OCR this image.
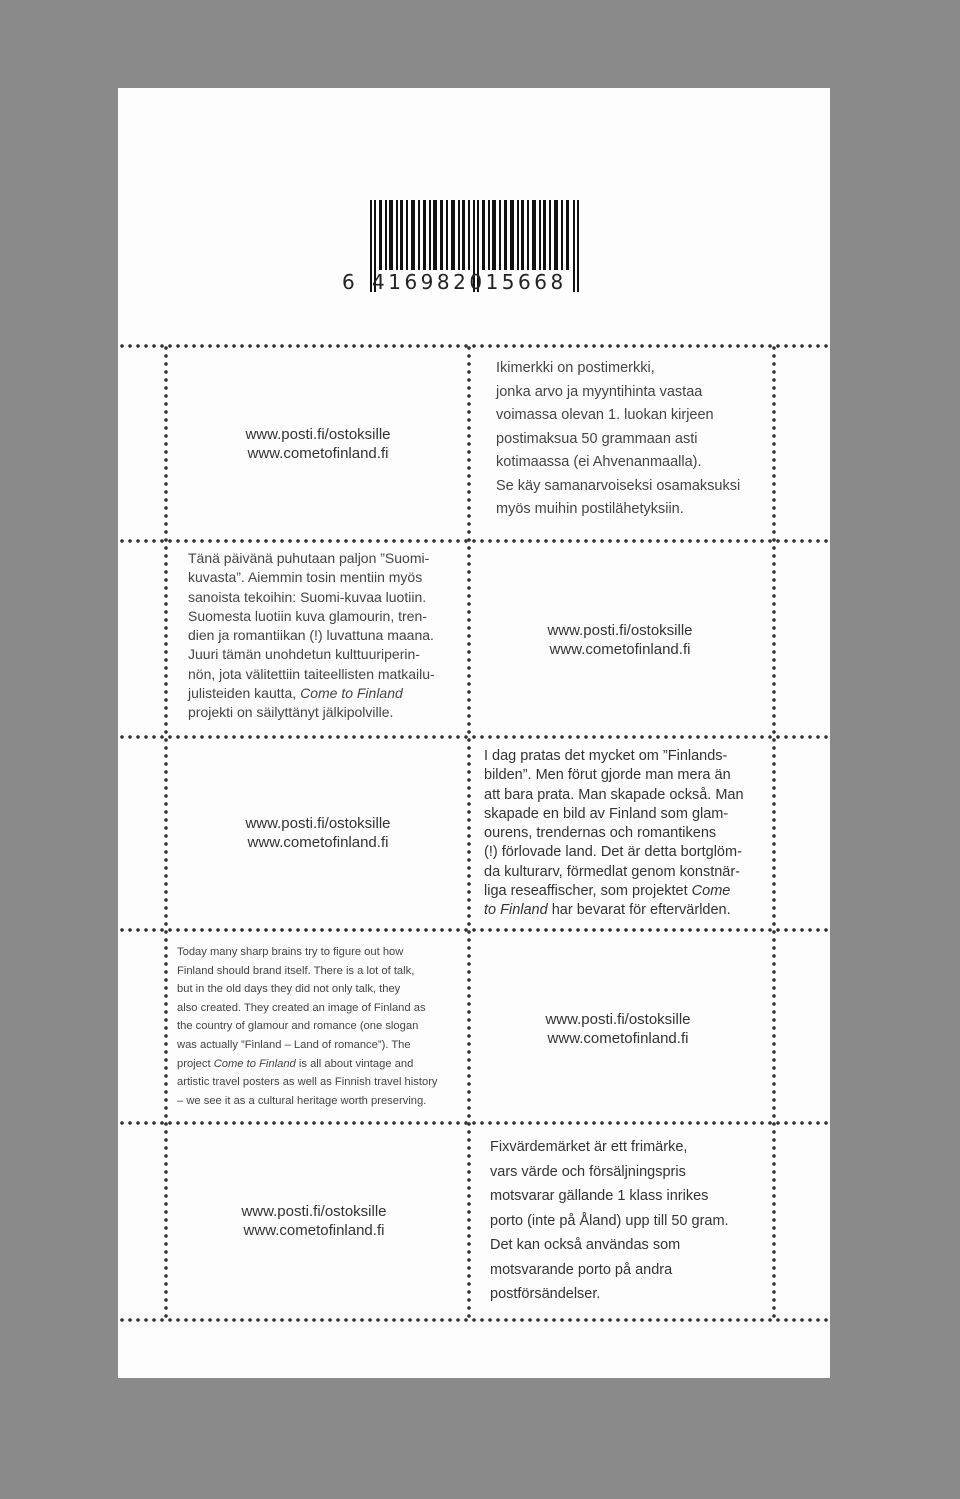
6 416982015668
www.posti.fi/ostoksille
www.cometofinland.fi
Ikimerkki on postimerkki,
jonka arvo ja myyntihinta vastaa
voimassa olevan 1. luokan kirjeen
postimaksua 50 grammaan asti
kotimaassa (ei Ahvenanmaalla).
Se käy samanarvoiseksi osamaksuksi
myös muihin postilähetyksiin.
Tänä päivänä puhutaan paljon ”Suomi-
kuvasta”. Aiemmin tosin mentiin myös
sanoista tekoihin: Suomi-kuvaa luotiin.
Suomesta luotiin kuva glamourin, tren-
dien ja romantiikan (!) luvattuna maana.
Juuri tämän unohdetun kulttuuriperin-
nön, jota välitettiin taiteellisten matkailu-
julisteiden kautta, Come to Finland
projekti on säilyttänyt jälkipolville.
www.posti.fi/ostoksille
www.cometofinland.fi
www.posti.fi/ostoksille
www.cometofinland.fi
I dag pratas det mycket om ”Finlands-
bilden”. Men förut gjorde man mera än
att bara prata. Man skapade också. Man
skapade en bild av Finland som glam-
ourens, trendernas och romantikens
(!) förlovade land. Det är detta bortglöm-
da kulturarv, förmedlat genom konstnär-
liga reseaffischer, som projektet Come
to Finland har bevarat för eftervärlden.
Today many sharp brains try to figure out how
Finland should brand itself. There is a lot of talk,
but in the old days they did not only talk, they
also created. They created an image of Finland as
the country of glamour and romance (one slogan
was actually ”Finland – Land of romance”). The
project Come to Finland is all about vintage and
artistic travel posters as well as Finnish travel history
– we see it as a cultural heritage worth preserving.
www.posti.fi/ostoksille
www.cometofinland.fi
www.posti.fi/ostoksille
www.cometofinland.fi
Fixvärdemärket är ett frimärke,
vars värde och försäljningspris
motsvarar gällande 1 klass inrikes
porto (inte på Åland) upp till 50 gram.
Det kan också användas som
motsvarande porto på andra
postförsändelser.
